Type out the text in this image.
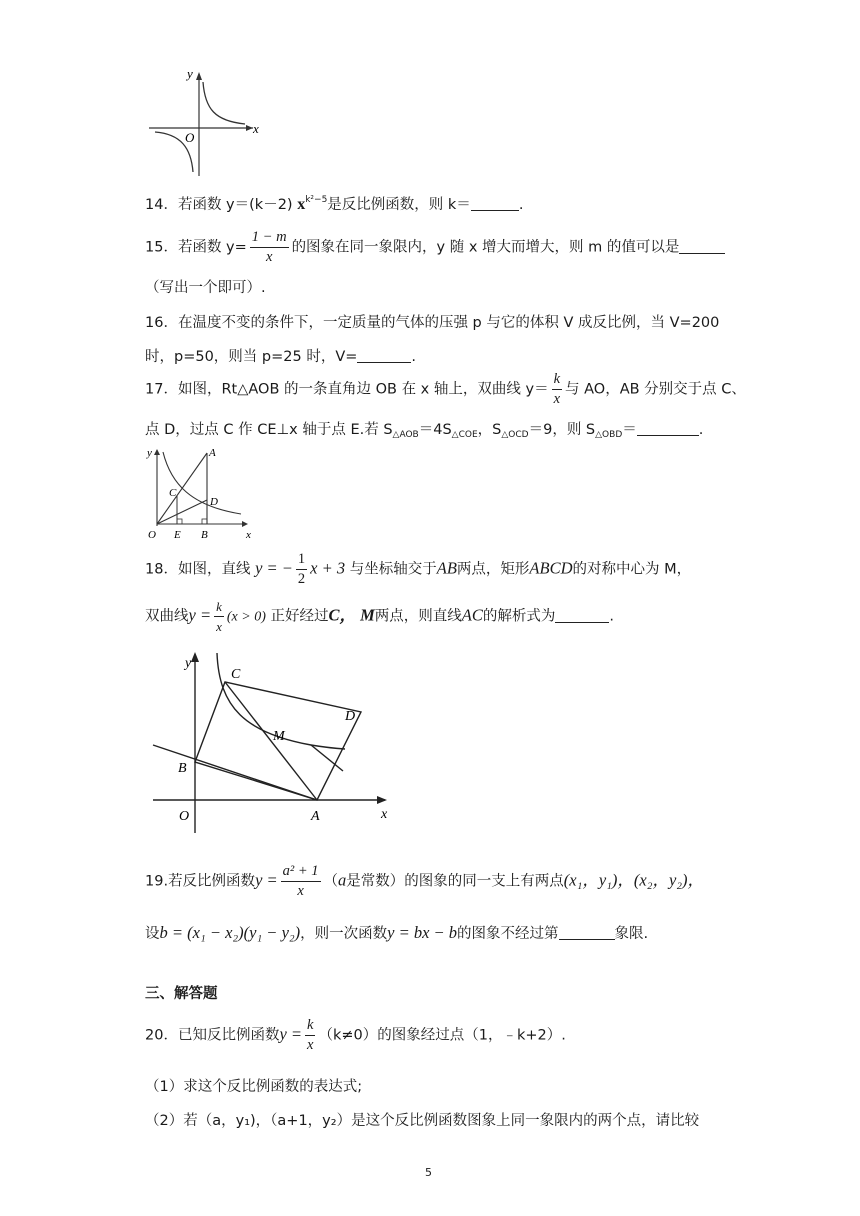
y
x
O
14．若函数 y＝(k－2) $x^{k^2-5}$是反比例函数，则 k＝	.
15．若函数 $y= \frac{1 - m}{x}$ 的图象在同一象限内，y 随 x 增大而增大，则 m 的值可以是
（写出一个即可）.
16．在温度不变的条件下，一定质量的气体的压强 p 与它的体积 V 成反比例，当 V=200
时，p=50，则当 p=25 时，V=	.
17．如图，Rt△AOB 的一条直角边 OB 在 x 轴上，双曲线 $y= \frac{k}{x}$ 与 AO，AB 分别交于点 C、
点 D，过点 C 作 CE⊥x 轴于点 E.若 $S_{\triangle AOB}=4S_{\triangle COE}$，$S_{\triangle OCD}=9$，则 $S_{\triangle OBD}=$	.
y
x
O E B
A
C
D
18．如图，直线 y = − $\frac{1}{2}$ x + 3 与坐标轴交于AB两点，矩形ABCD的对称中心为 M，
双曲线$y = \frac{k}{x} (x > 0)$ 正好经过C， M两点，则直线AC的解析式为	.
y
x
O	A
B
C
D
M
19.若反比例函数$y = \frac{\text{a² + 1}}{x} (a$是常数）的图象的同一支上有两点(x₁，y₁)，(x₂，y₂)，
设b = (x₁ − x₂)(y₁ − y₂)，则一次函数y = bx − b的图象不经过第	象限.
三、解答题
20．已知反比例函数$y = \frac{k}{x} (k\ne 0)$的图象经过点（1，﹣k+2）.
（1）求这个反比例函数的表达式;
（2）若（a，y₁)，（a+1，y₂）是这个反比例函数图象上同一象限内的两个点，请比较
5
